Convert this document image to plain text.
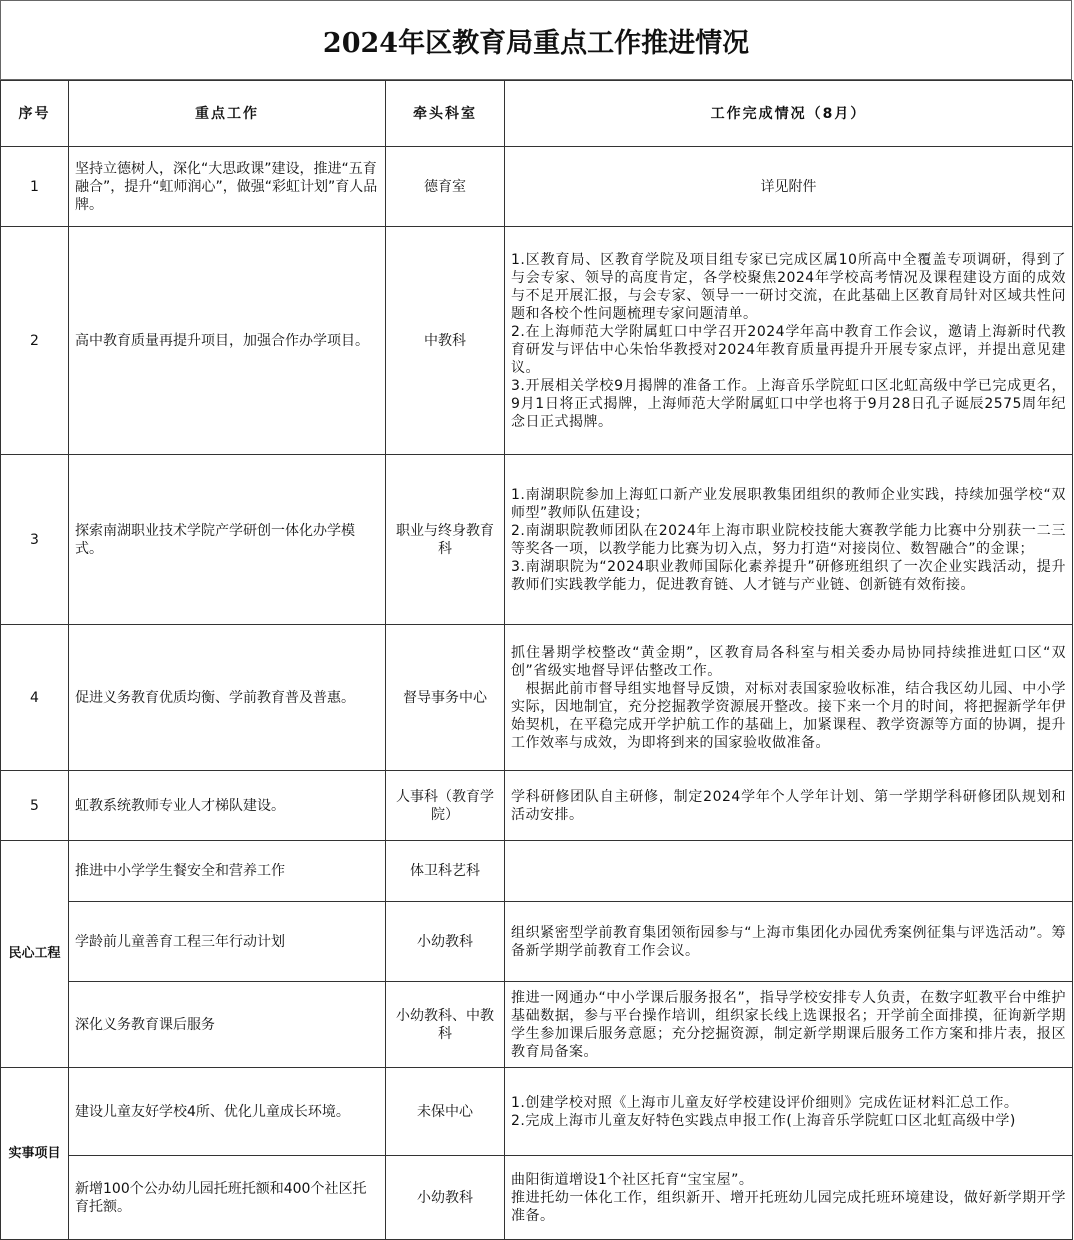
2024年区教育局重点工作推进情况
序号	重点工作	牵头科室	工作完成情况（8月）
1	坚持立德树人，深化“大思政课”建设，推进“五育融合”，提升“虹师润心”，做强“彩虹计划”育人品牌。	德育室	详见附件

2	高中教育质量再提升项目，加强合作办学项目。	中教科	1.区教育局、区教育学院及项目组专家已完成区属10所高中全覆盖专项调研，得到了与会专家、领导的高度肯定，各学校聚焦2024年学校高考情况及课程建设方面的成效与不足开展汇报，与会专家、领导一一研讨交流，在此基础上区教育局针对区域共性问题和各校个性问题梳理专家问题清单。
2.在上海师范大学附属虹口中学召开2024学年高中教育工作会议，邀请上海新时代教育研发与评估中心朱怡华教授对2024年教育质量再提升开展专家点评，并提出意见建议。
3.开展相关学校9月揭牌的准备工作。上海音乐学院虹口区北虹高级中学已完成更名，9月1日将正式揭牌，上海师范大学附属虹口中学也将于9月28日孔子诞辰2575周年纪念日正式揭牌。

3	探索南湖职业技术学院产学研创一体化办学模式。	职业与终身教育科	1.南湖职院参加上海虹口新产业发展职教集团组织的教师企业实践，持续加强学校“双师型”教师队伍建设；
2.南湖职院教师团队在2024年上海市职业院校技能大赛教学能力比赛中分别获一二三等奖各一项，以教学能力比赛为切入点，努力打造“对接岗位、数智融合”的金课；
3.南湖职院为“2024职业教师国际化素养提升”研修班组织了一次企业实践活动，提升教师们实践教学能力，促进教育链、人才链与产业链、创新链有效衔接。

4	促进义务教育优质均衡、学前教育普及普惠。	督导事务中心	抓住暑期学校整改“黄金期”，区教育局各科室与相关委办局协同持续推进虹口区“双创”省级实地督导评估整改工作。
　根据此前市督导组实地督导反馈，对标对表国家验收标准，结合我区幼儿园、中小学实际，因地制宜，充分挖掘教学资源展开整改。接下来一个月的时间，将把握新学年伊始契机，在平稳完成开学护航工作的基础上，加紧课程、教学资源等方面的协调，提升工作效率与成效，为即将到来的国家验收做准备。

5	虹教系统教师专业人才梯队建设。	人事科（教育学院）	学科研修团队自主研修，制定2024学年个人学年计划、第一学期学科研修团队规划和活动安排。

民心工程	推进中小学学生餐安全和营养工作	体卫科艺科	

	学龄前儿童善育工程三年行动计划	小幼教科	组织紧密型学前教育集团领衔园参与“上海市集团化办园优秀案例征集与评选活动”。筹备新学期学前教育工作会议。

	深化义务教育课后服务	小幼教科、中教科	推进一网通办“中小学课后服务报名”，指导学校安排专人负责，在数字虹教平台中维护基础数据，参与平台操作培训，组织家长线上选课报名；开学前全面排摸，征询新学期学生参加课后服务意愿；充分挖掘资源，制定新学期课后服务工作方案和排片表，报区教育局备案。

实事项目	建设儿童友好学校4所、优化儿童成长环境。	未保中心	1.创建学校对照《上海市儿童友好学校建设评价细则》完成佐证材料汇总工作。
2.完成上海市儿童友好特色实践点申报工作(上海音乐学院虹口区北虹高级中学)

	新增100个公办幼儿园托班托额和400个社区托育托额。	小幼教科	曲阳街道增设1个社区托育“宝宝屋”。
推进托幼一体化工作，组织新开、增开托班幼儿园完成托班环境建设，做好新学期开学准备。
